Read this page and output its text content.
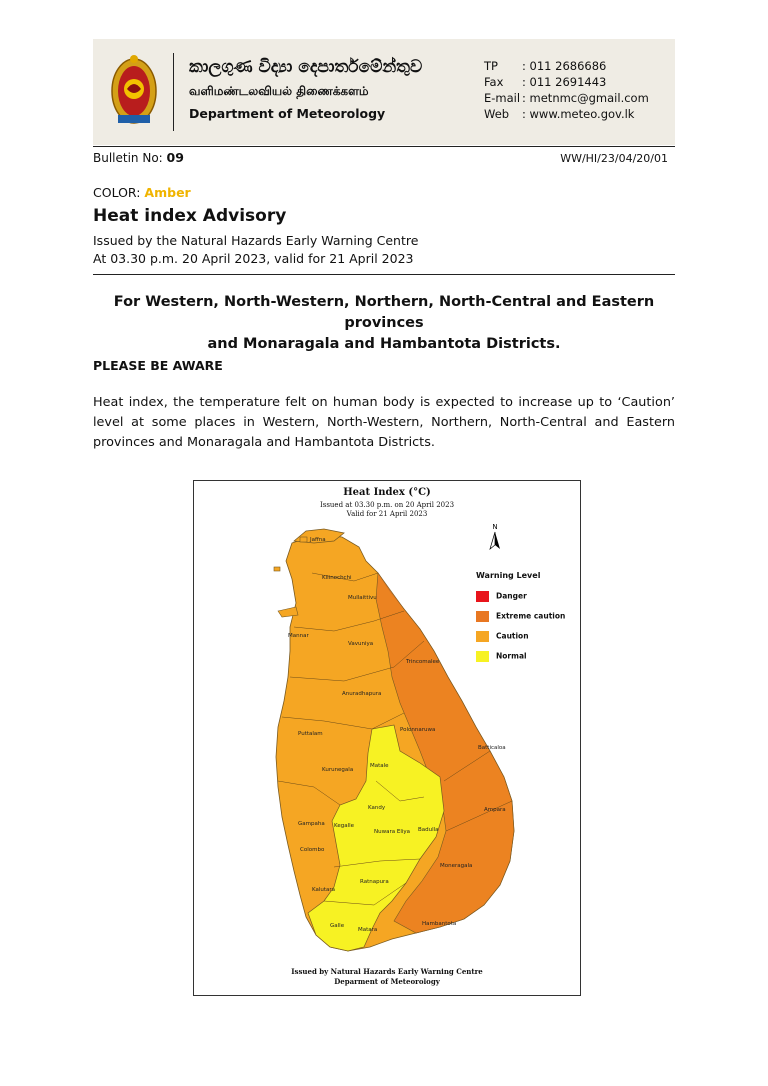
කාලගුණ විද්‍යා දෙපාර්තමේන්තුව
வளிமண்டலவியல் திணைக்களம்
Department of Meteorology
TP : 011 2686686
Fax : 011 2691443
E-mail : metnmc@gmail.com
Web : www.meteo.gov.lk
Bulletin No: 09	WW/HI/23/04/20/01
COLOR: Amber
Heat index Advisory
Issued by the Natural Hazards Early Warning Centre
At 03.30 p.m. 20 April 2023, valid for 21 April 2023
For Western, North-Western, Northern, North-Central and Eastern provinces
and Monaragala and Hambantota Districts.
PLEASE BE AWARE
Heat index, the temperature felt on human body is expected to increase up to ‘Caution’ level at some places in Western, North-Western, Northern, North-Central and Eastern provinces and Monaragala and Hambantota Districts.
Heat Index (°C)
Issued at 03.30 p.m. on 20 April 2023
Valid for 21 April 2023
N
Jaffna
Kilinochchi
Mullaittivu
Mannar
Vavuniya
Trincomalee
Anuradhapura
Polonnaruwa
Batticaloa
Puttalam
Kurunegala
Matale
Ampara
Kandy
Gampaha Kegalle
Nuwara Eliya Badulla
Colombo
Moneragala
Kalutara
Ratnapura
Hambantota
Galle
Matara
Warning Level
Danger
Extreme caution
Caution
Normal
Issued by Natural Hazards Early Warning Centre
Deparment of Meteorology
